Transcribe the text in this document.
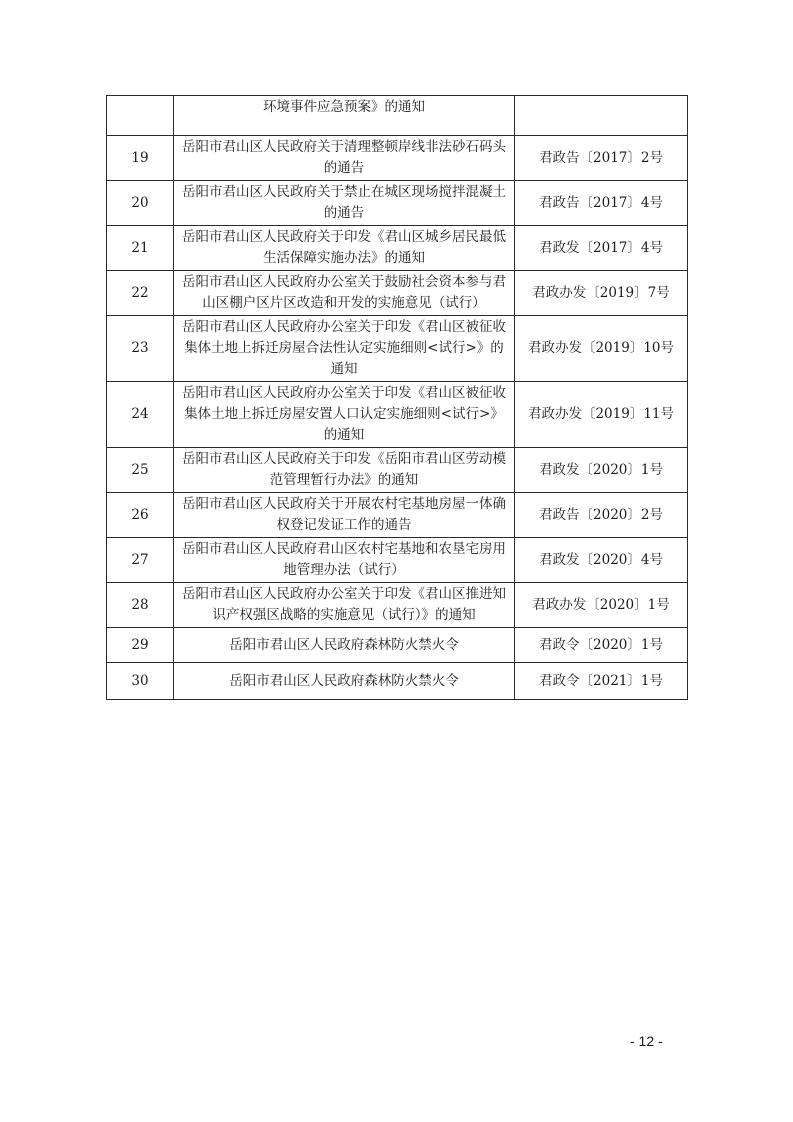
	环境事件应急预案》的通知	
19	岳阳市君山区人民政府关于清理整顿岸线非法砂石码头的通告	君政告〔2017〕2号
20	岳阳市君山区人民政府关于禁止在城区现场搅拌混凝土的通告	君政告〔2017〕4号
21	岳阳市君山区人民政府关于印发《君山区城乡居民最低生活保障实施办法》的通知	君政发〔2017〕4号
22	岳阳市君山区人民政府办公室关于鼓励社会资本参与君山区棚户区片区改造和开发的实施意见（试行）	君政办发〔2019〕7号
23	岳阳市君山区人民政府办公室关于印发《君山区被征收集体土地上拆迁房屋合法性认定实施细则<试行>》的通知	君政办发〔2019〕10号
24	岳阳市君山区人民政府办公室关于印发《君山区被征收集体土地上拆迁房屋安置人口认定实施细则<试行>》的通知	君政办发〔2019〕11号
25	岳阳市君山区人民政府关于印发《岳阳市君山区劳动模范管理暂行办法》的通知	君政发〔2020〕1号
26	岳阳市君山区人民政府关于开展农村宅基地房屋一体确权登记发证工作的通告	君政告〔2020〕2号
27	岳阳市君山区人民政府君山区农村宅基地和农垦宅房用地管理办法（试行）	君政发〔2020〕4号
28	岳阳市君山区人民政府办公室关于印发《君山区推进知识产权强区战略的实施意见（试行）》的通知	君政办发〔2020〕1号
29	岳阳市君山区人民政府森林防火禁火令	君政令〔2020〕1号
30	岳阳市君山区人民政府森林防火禁火令	君政令〔2021〕1号
- 12 -
